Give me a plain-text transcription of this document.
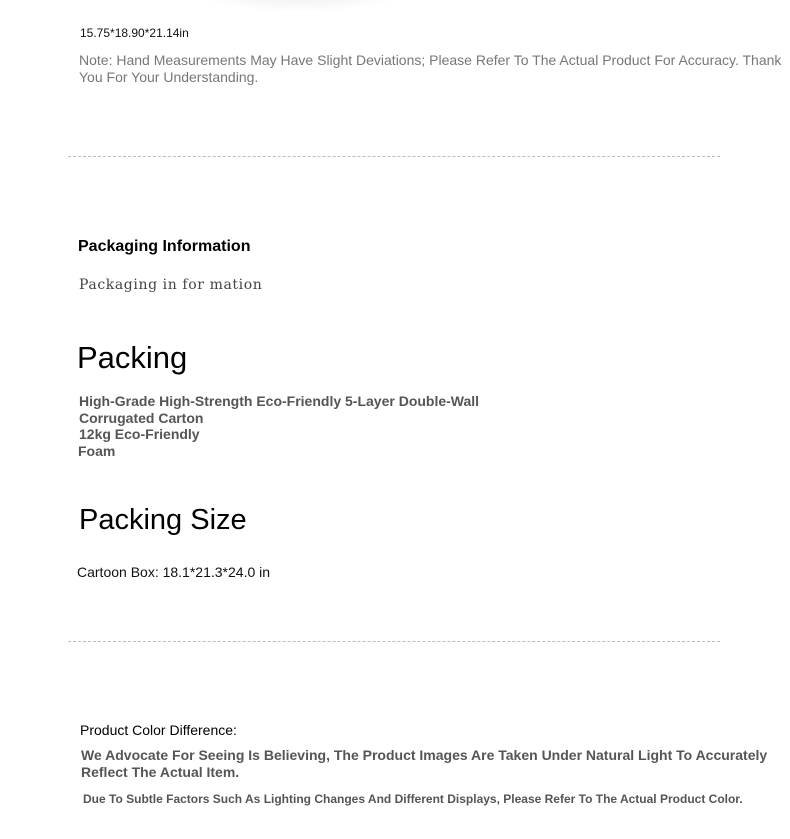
15.75*18.90*21.14in

Note: Hand Measurements May Have Slight Deviations; Please Refer To The Actual Product For Accuracy. Thank
You For Your Understanding.
Packaging Information

Packaging in for mation

Packing
High-Grade High-Strength Eco-Friendly 5-Layer Double-Wall
Corrugated Carton
12kg Eco-Friendly
Foam
Packing Size

Cartoon Box: 18.1*21.3*24.0 in

Product Color Difference:

We Advocate For Seeing Is Believing, The Product Images Are Taken Under Natural Light To Accurately
Reflect The Actual Item.

Due To Subtle Factors Such As Lighting Changes And Different Displays, Please Refer To The Actual Product Color.
